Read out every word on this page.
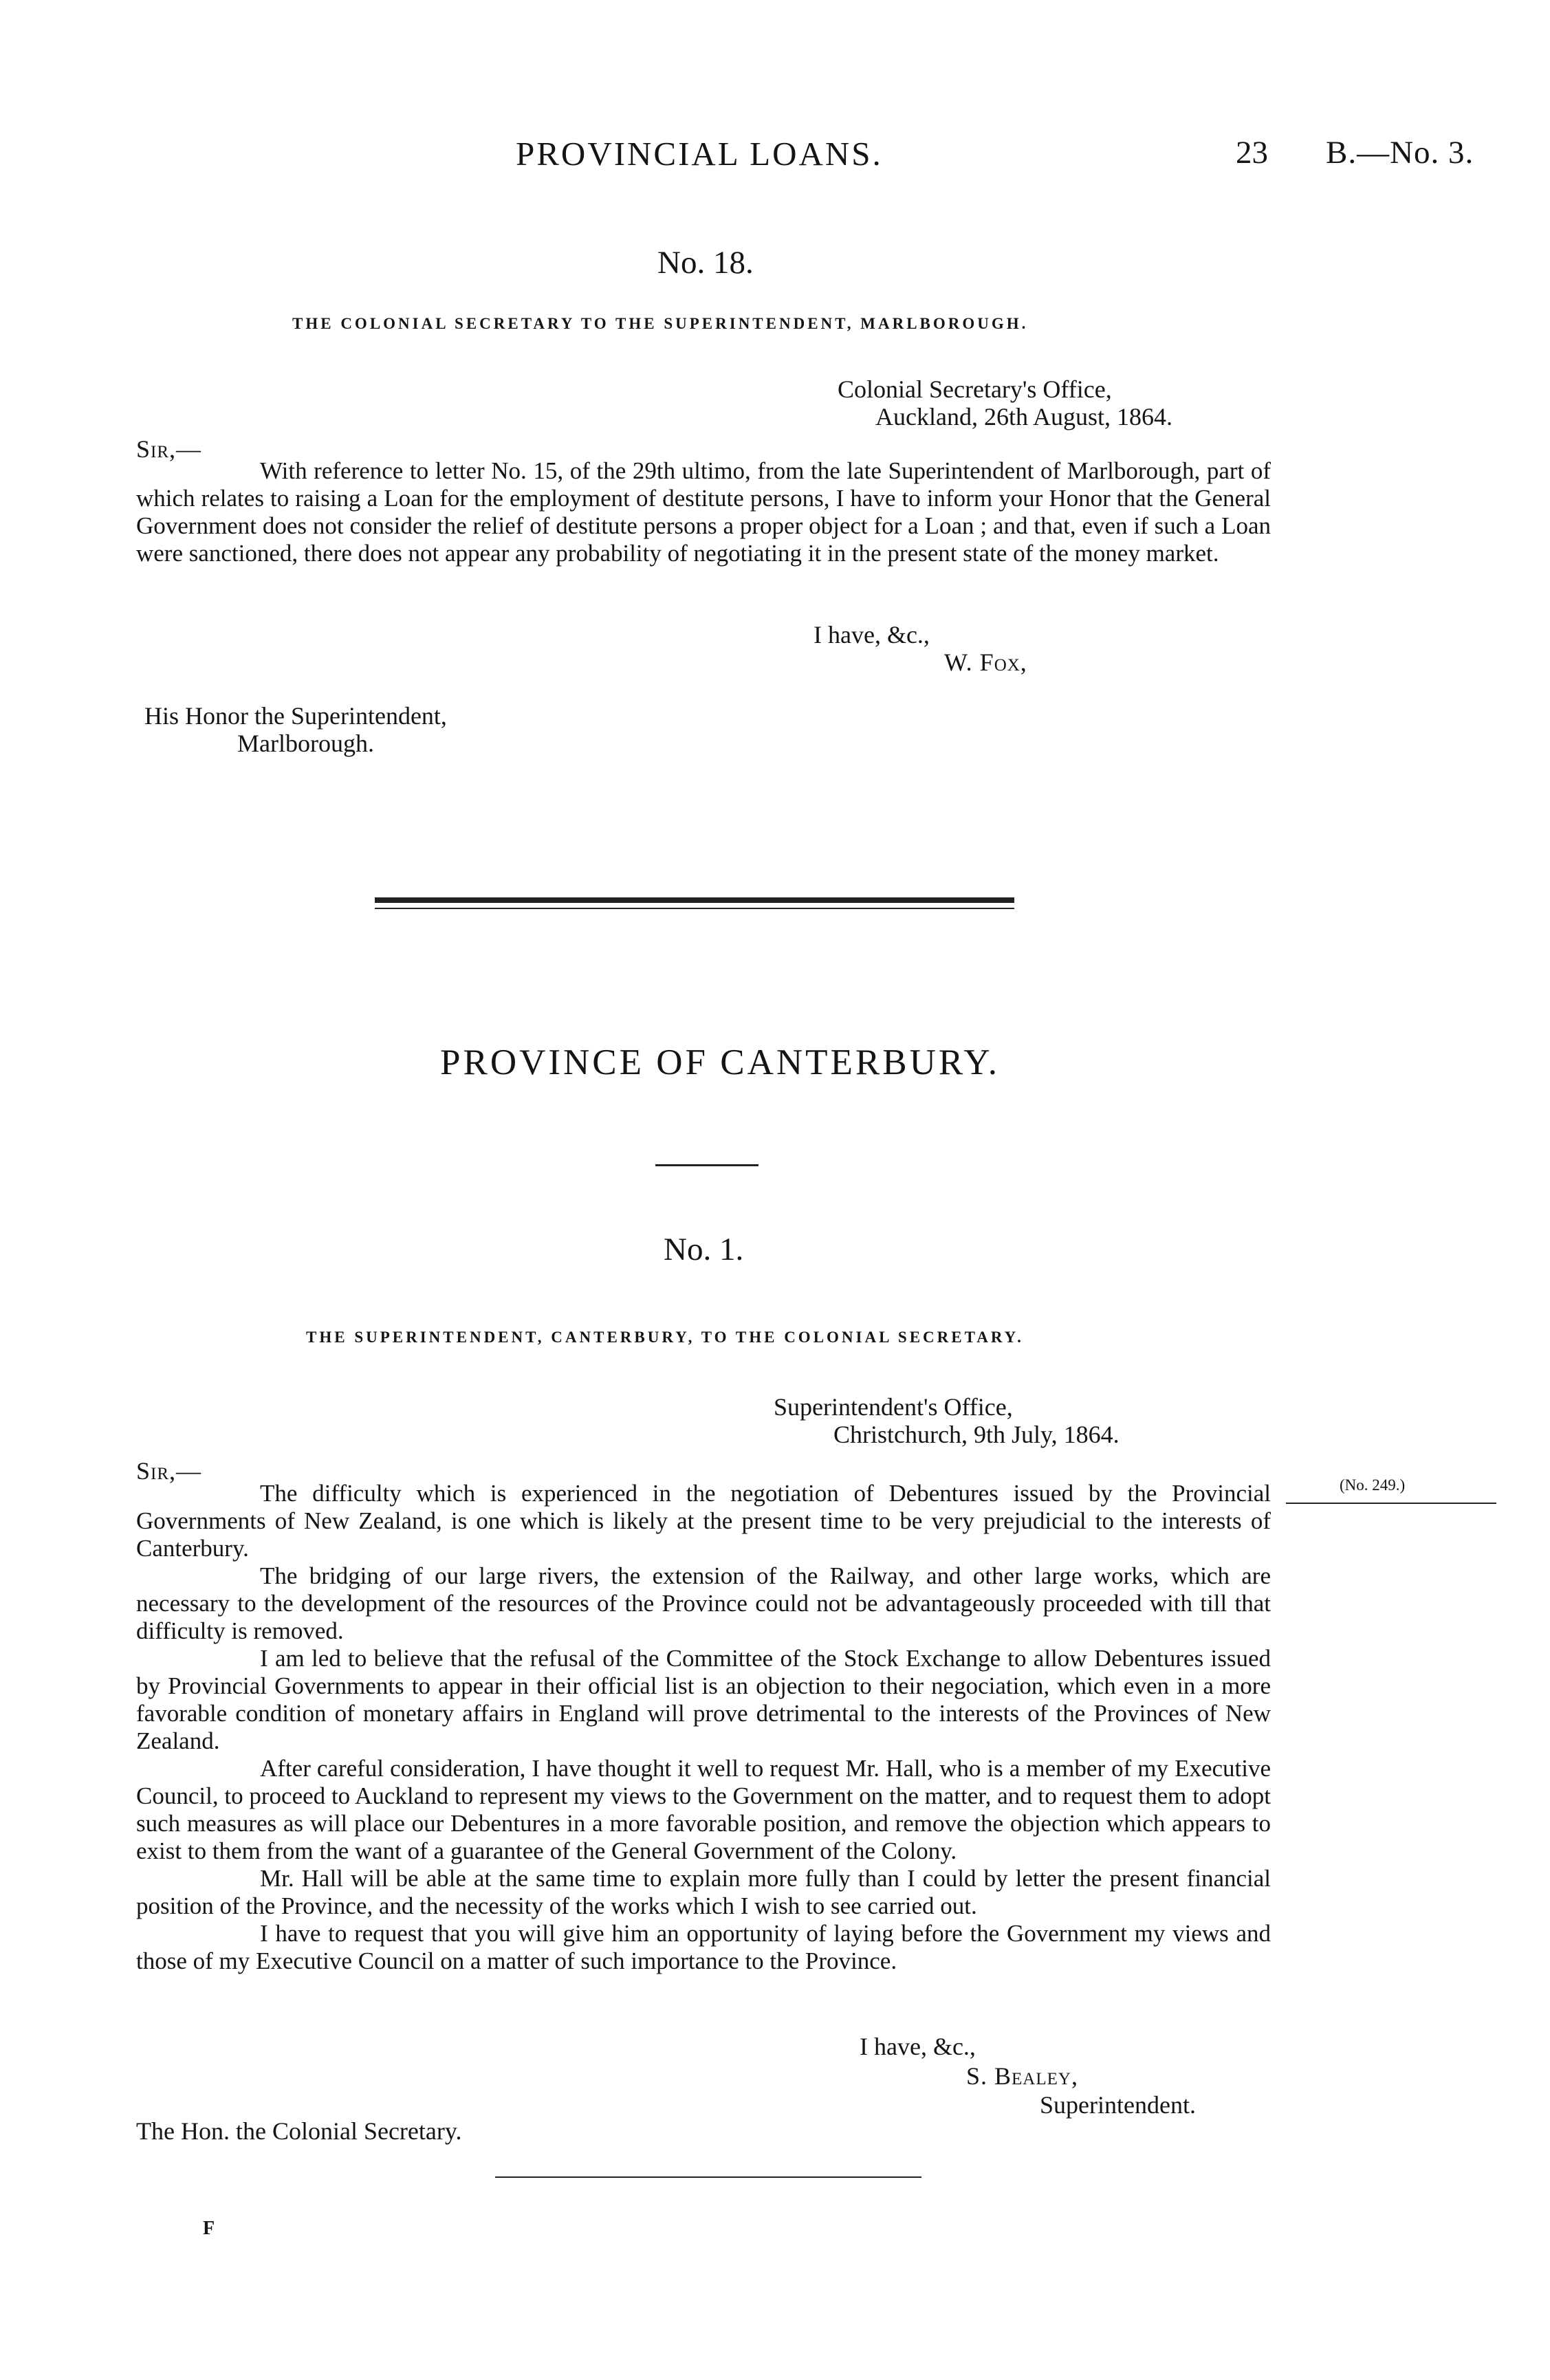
PROVINCIAL LOANS.	23 B.—No. 3.
No. 18.
THE COLONIAL SECRETARY TO THE SUPERINTENDENT, MARLBOROUGH.
Colonial Secretary's Office,
Auckland, 26th August, 1864.
Sir,—

With reference to letter No. 15, of the 29th ultimo, from the late Superintendent of Marlborough, part of which relates to raising a Loan for the employment of destitute persons, I have to inform your Honor that the General Government does not consider the relief of destitute persons a proper object for a Loan ; and that, even if such a Loan were sanctioned, there does not appear any probability of negotiating it in the present state of the money market.

I have, &c.,
W. Fox,
His Honor the Superintendent,
Marlborough.
PROVINCE OF CANTERBURY.
No. 1.
THE SUPERINTENDENT, CANTERBURY, TO THE COLONIAL SECRETARY.
Superintendent's Office,
Christchurch, 9th July, 1864.
Sir,—
(No. 249.)

The difficulty which is experienced in the negotiation of Debentures issued by the Provincial Governments of New Zealand, is one which is likely at the present time to be very prejudicial to the interests of Canterbury.

The bridging of our large rivers, the extension of the Railway, and other large works, which are necessary to the development of the resources of the Province could not be advantageously proceeded with till that difficulty is removed.

I am led to believe that the refusal of the Committee of the Stock Exchange to allow Debentures issued by Provincial Governments to appear in their official list is an objection to their negociation, which even in a more favorable condition of monetary affairs in England will prove detrimental to the interests of the Provinces of New Zealand.

After careful consideration, I have thought it well to request Mr. Hall, who is a member of my Executive Council, to proceed to Auckland to represent my views to the Government on the matter, and to request them to adopt such measures as will place our Debentures in a more favorable position, and remove the objection which appears to exist to them from the want of a guarantee of the General Government of the Colony.

Mr. Hall will be able at the same time to explain more fully than I could by letter the present financial position of the Province, and the necessity of the works which I wish to see carried out.

I have to request that you will give him an opportunity of laying before the Government my views and those of my Executive Council on a matter of such importance to the Province.

I have, &c.,
S. Bealey,
Superintendent.
The Hon. the Colonial Secretary.
F
